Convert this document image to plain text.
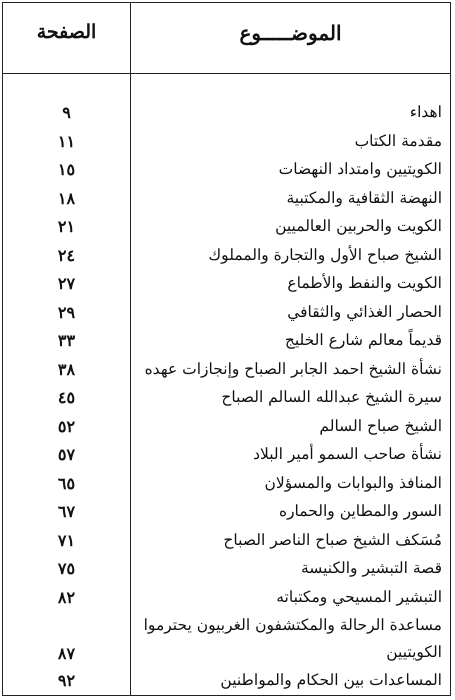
الصفحة	الموضـــــوع
اهداء
٩
مقدمة الكتاب
١١
الكويتيين وامتداد النهضات
١٥
النهضة الثقافية والمكتبية
١٨
الكويت والحربين العالميين
٢١
الشيخ صباح الأول والتجارة والمملوك
٢٤
الكويت والنفط والأطماع
٢٧
الحصار الغذائي والثقافي
٢٩
قديماً معالم شارع الخليج
٣٣
نشأة الشيخ احمد الجابر الصباح وإنجازات عهده
٣٨
سيرة الشيخ عبدالله السالم الصباح
٤٥
الشيخ صباح السالم
٥٢
نشأة صاحب السمو أمير البلاد
٥٧
المنافذ والبوابات والمسؤلان
٦٥
السور والمطاين والحماره
٦٧
مُسَكف الشيخ صباح الناصر الصباح
٧١
قصة التبشير والكنيسة
٧٥
التبشير المسيحي ومكتباته
٨٢
مساعدة الرحالة والمكتشفون الغربيون يحترموا الكويتيين
٨٧
المساعدات بين الحكام والمواطنين
٩٢
